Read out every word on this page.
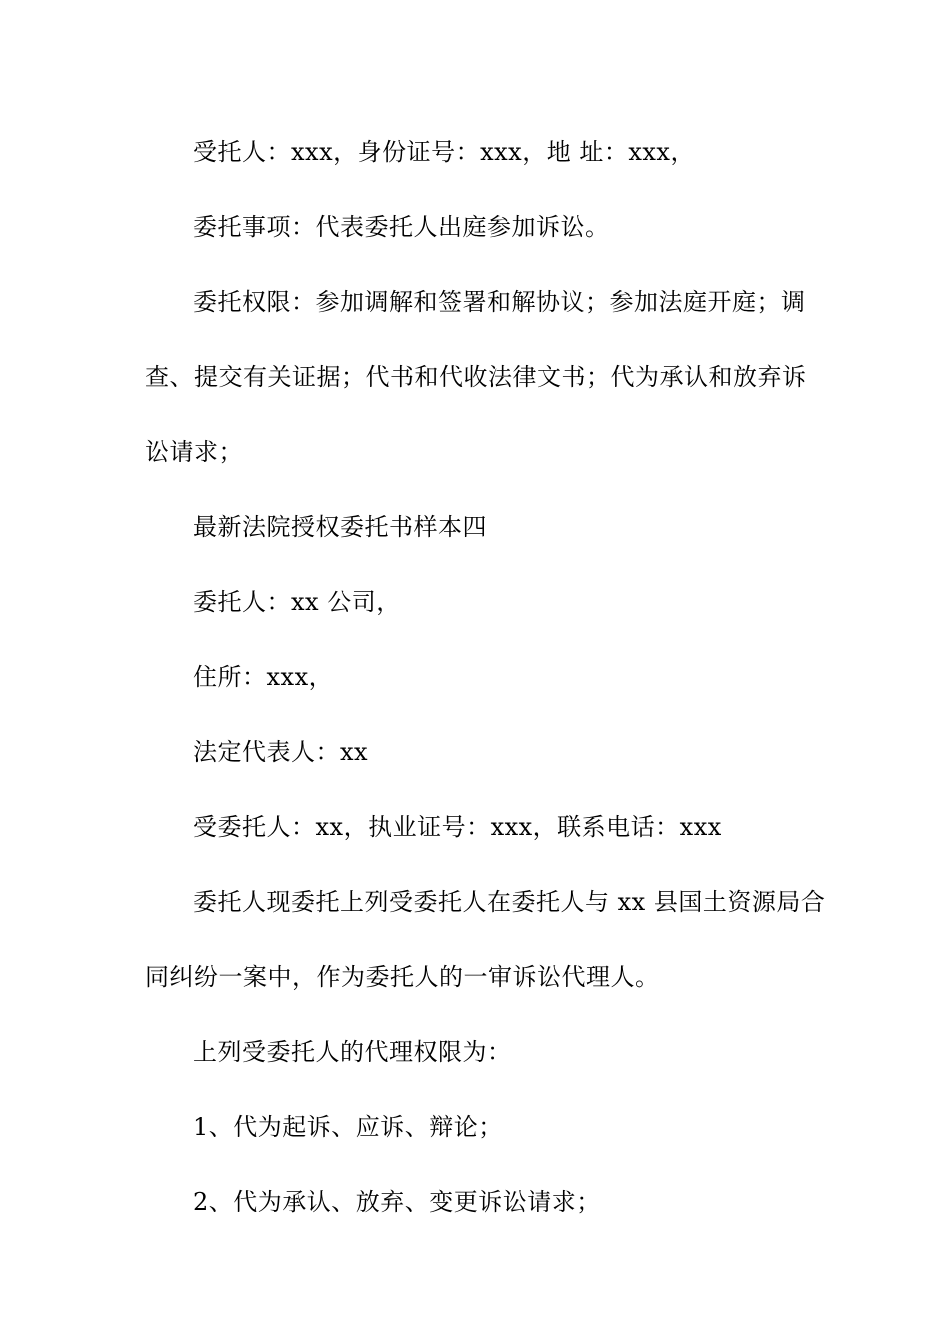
受托人：xxx，身份证号：xxx，地 址：xxx，
委托事项：代表委托人出庭参加诉讼。
委托权限：参加调解和签署和解协议；参加法庭开庭；调
查、提交有关证据；代书和代收法律文书；代为承认和放弃诉
讼请求；
最新法院授权委托书样本四
委托人：xx 公司，
住所：xxx，
法定代表人：xx
受委托人：xx，执业证号：xxx，联系电话：xxx
委托人现委托上列受委托人在委托人与 xx 县国土资源局合
同纠纷一案中，作为委托人的一审诉讼代理人。
上列受委托人的代理权限为：
1、代为起诉、应诉、辩论；
2、代为承认、放弃、变更诉讼请求；
